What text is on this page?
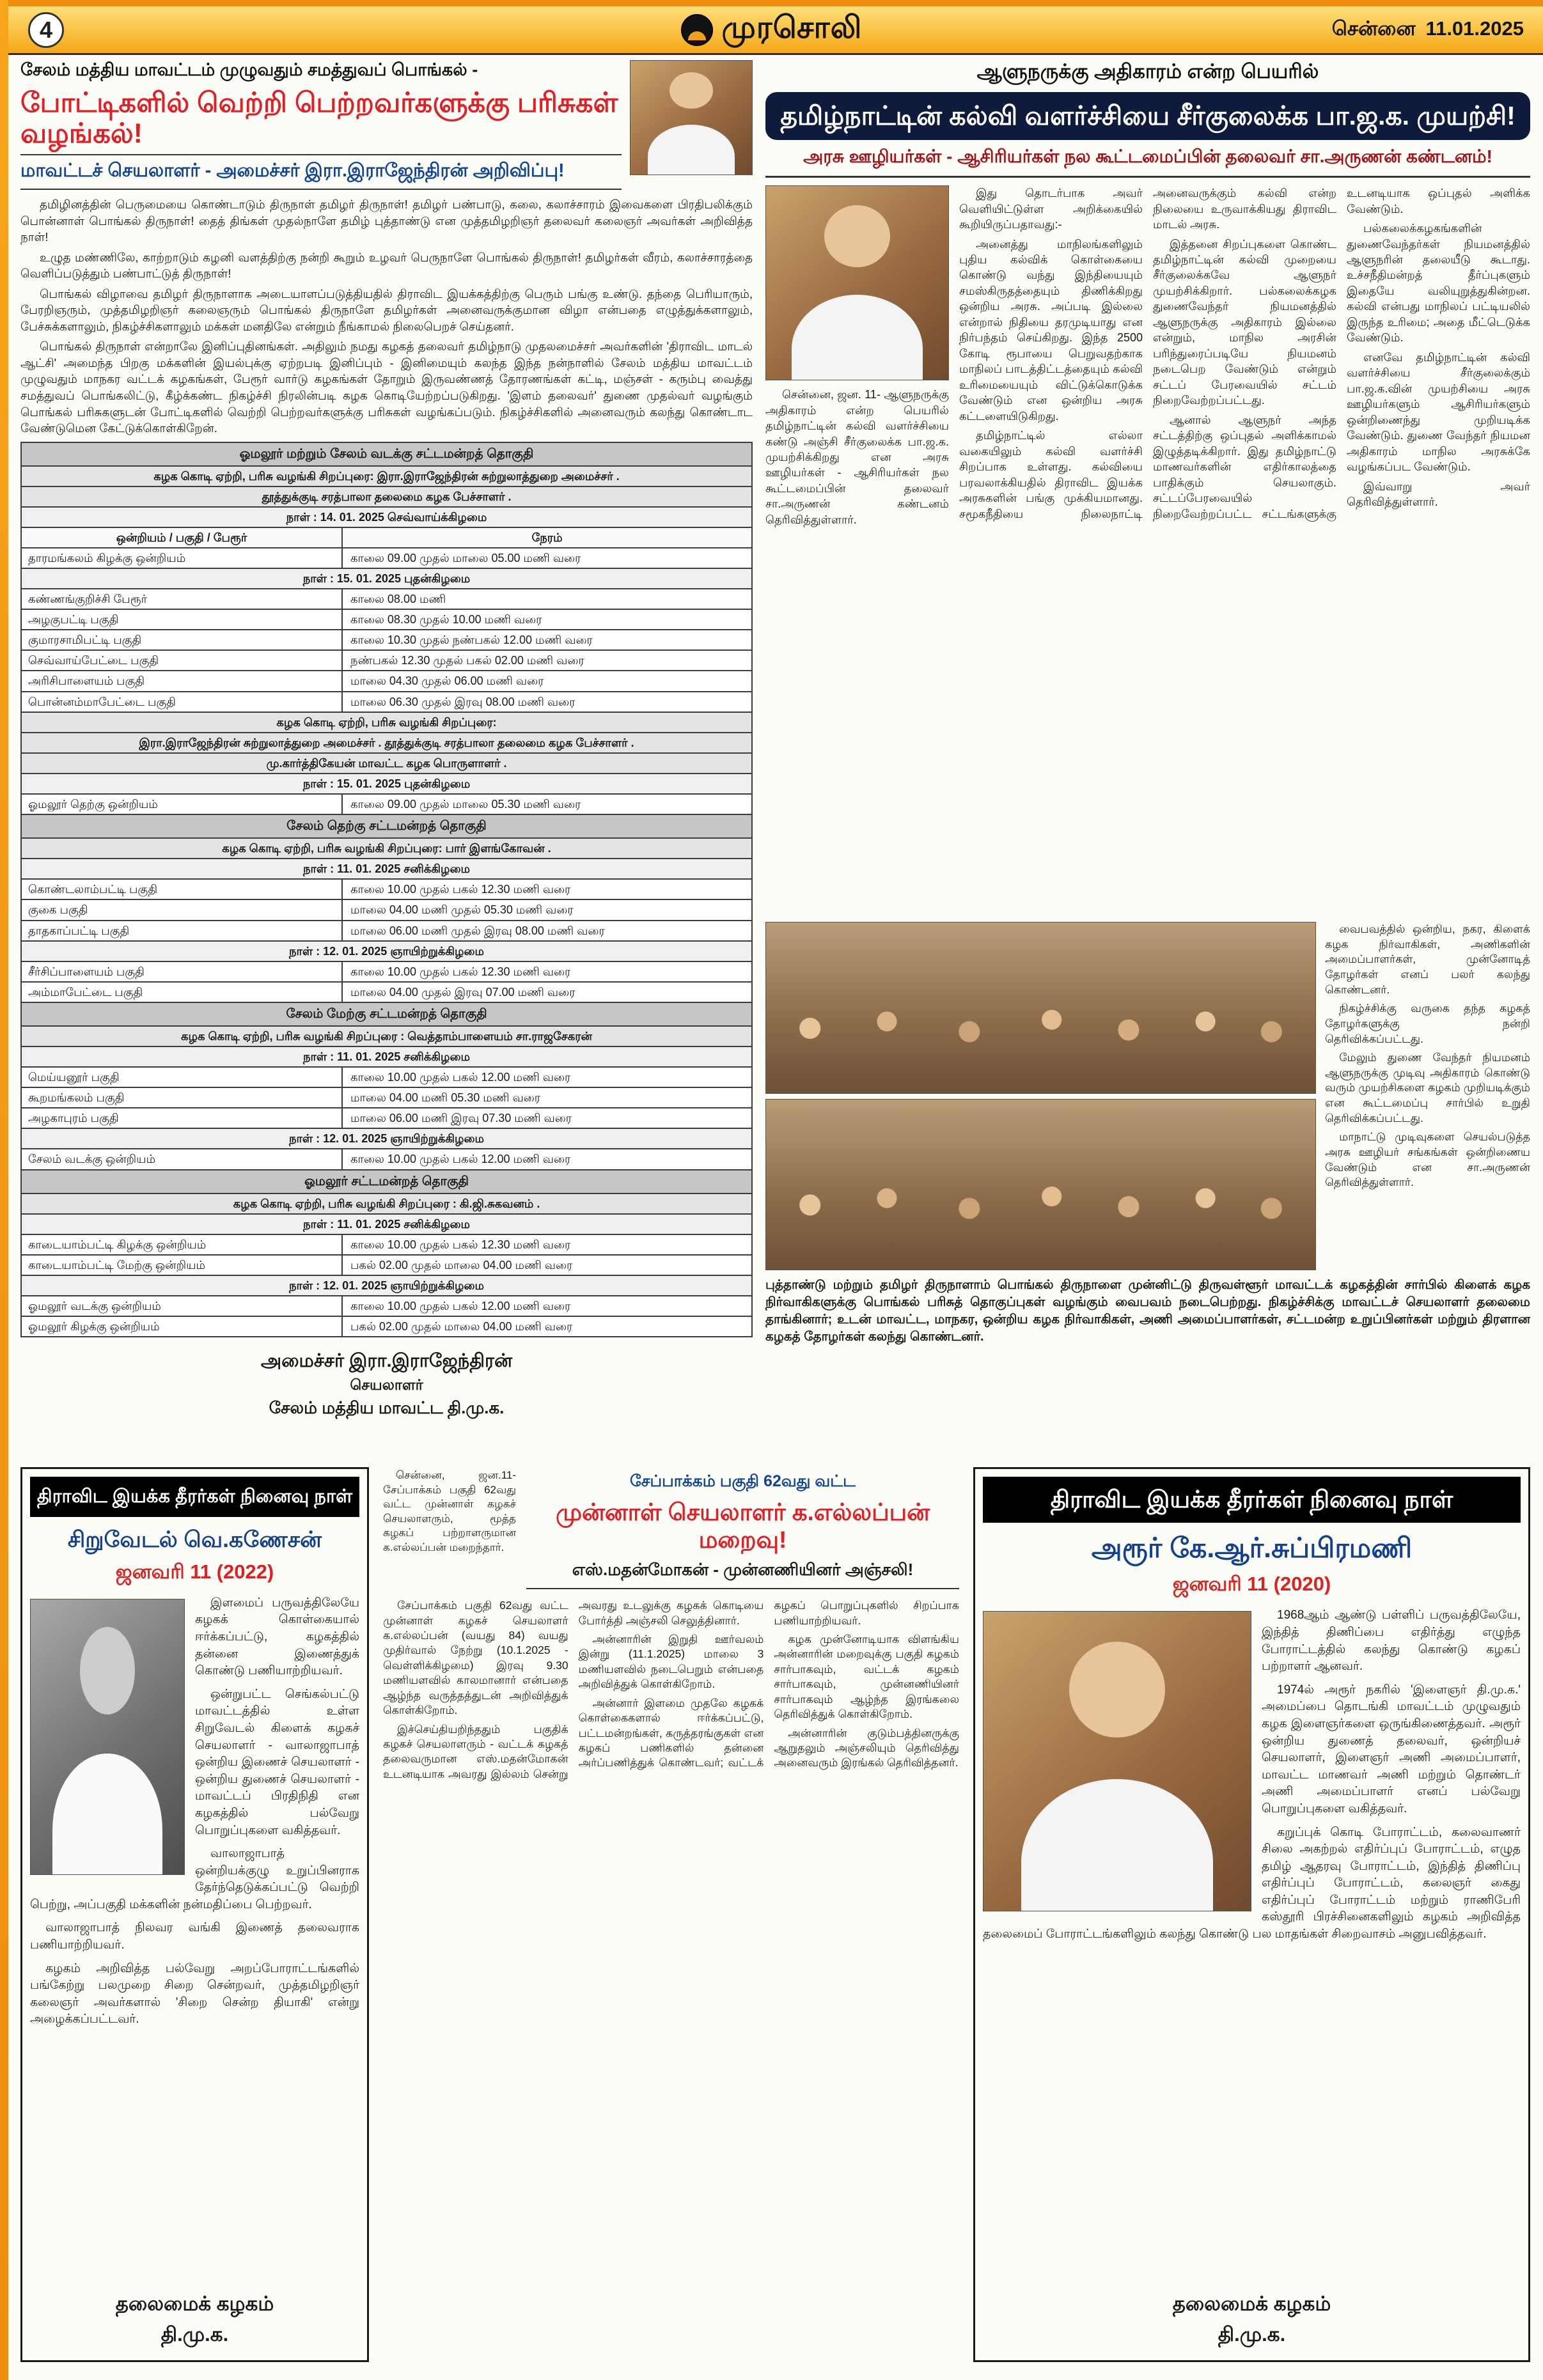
4	முரசொலி	சென்னை 11.01.2025
சேலம் மத்திய மாவட்டம் முழுவதும் சமத்துவப் பொங்கல் -
போட்டிகளில் வெற்றி பெற்றவர்களுக்கு பரிசுகள் வழங்கல்!
மாவட்டச் செயலாளர் - அமைச்சர் இரா.இராஜேந்திரன் அறிவிப்பு!

தமிழினத்தின் பெருமையை கொண்டாடும் திருநாள் தமிழர் திருநாள்! தமிழர் பண்பாடு, கலை, கலாச்சாரம் இவைகளை பிரதிபலிக்கும் பொன்னாள் பொங்கல் திருநாள்! தைத் திங்கள் முதல்நாளே தமிழ் புத்தாண்டு என முத்தமிழறிஞர் தலைவர் கலைஞர் அவர்கள் அறிவித்த நாள்!

உழுத மண்ணிலே, காற்றாடும் கழனி வளத்திற்கு நன்றி கூறும் உழவர் பெருநாளே பொங்கல் திருநாள்! தமிழர்கள் வீரம், கலாச்சாரத்தை வெளிப்படுத்தும் பண்பாட்டுத் திருநாள்!

பொங்கல் விழாவை தமிழர் திருநாளாக அடையாளப்படுத்தியதில் திராவிட இயக்கத்திற்கு பெரும் பங்கு உண்டு. தந்தை பெரியாரும், பேரறிஞரும், முத்தமிழறிஞர் கலைஞரும் பொங்கல் திருநாளே தமிழர்கள் அனைவருக்குமான விழா என்பதை எழுத்துக்களாலும், பேச்சுக்களாலும், நிகழ்ச்சிகளாலும் மக்கள் மனதிலே என்றும் நீங்காமல் நிலைபெறச் செய்தனர்.

பொங்கல் திருநாள் என்றாலே இனிப்புதினங்கள். அதிலும் நமது கழகத் தலைவர் தமிழ்நாடு முதலமைச்சர் அவர்களின் 'திராவிட மாடல் ஆட்சி' அமைந்த பிறகு மக்களின் இயல்புக்கு ஏற்றபடி இனிப்பும் - இனிமையும் கலந்த இந்த நன்நாளில் சேலம் மத்திய மாவட்டம் முழுவதும் மாநகர வட்டக் கழகங்கள், பேரூர் வார்டு கழகங்கள் தோறும் இருவண்ணத் தோரணங்கள் கட்டி, மஞ்சள் - கரும்பு வைத்து சமத்துவப் பொங்கலிட்டு, கீழ்க்கண்ட நிகழ்ச்சி நிரலின்படி கழக கொடியேற்றப்படுகிறது. 'இளம் தலைவர்' துணை முதல்வர் வழங்கும் பொங்கல் பரிசுகளுடன் போட்டிகளில் வெற்றி பெற்றவர்களுக்கு பரிசுகள் வழங்கப்படும். நிகழ்ச்சிகளில் அனைவரும் கலந்து கொண்டாட வேண்டுமென கேட்டுக்கொள்கிறேன்.

ஓமலூர் மற்றும் சேலம் வடக்கு சட்டமன்றத் தொகுதி
கழக கொடி ஏற்றி, பரிசு வழங்கி சிறப்புரை: இரா.இராஜேந்திரன் சுற்றுலாத்துறை அமைச்சர் .
தூத்துக்குடி சரத்பாலா தலைமை கழக பேச்சாளர் .
நாள் : 14. 01. 2025 செவ்வாய்க்கிழமை
ஒன்றியம் / பகுதி / பேரூர்	நேரம்
தாரமங்கலம் கிழக்கு ஒன்றியம்	காலை 09.00 முதல் மாலை 05.00 மணி வரை
நாள் : 15. 01. 2025 புதன்கிழமை
கண்ணங்குறிச்சி பேரூர்	காலை 08.00 மணி
அழகுபட்டி பகுதி	காலை 08.30 முதல் 10.00 மணி வரை
குமாரசாமிபட்டி பகுதி	காலை 10.30 முதல் நண்பகல் 12.00 மணி வரை
செவ்வாய்பேட்டை பகுதி	நண்பகல் 12.30 முதல் பகல் 02.00 மணி வரை
அரிசிபாளையம் பகுதி	மாலை 04.30 முதல் 06.00 மணி வரை
பொன்னம்மாபேட்டை பகுதி	மாலை 06.30 முதல் இரவு 08.00 மணி வரை
கழக கொடி ஏற்றி, பரிசு வழங்கி சிறப்புரை:
இரா.இராஜேந்திரன் சுற்றுலாத்துறை அமைச்சர் . தூத்துக்குடி சரத்பாலா தலைமை கழக பேச்சாளர் .
மு.கார்த்திகேயன் மாவட்ட கழக பொருளாளர் .
நாள் : 15. 01. 2025 புதன்கிழமை
ஓமலூர் தெற்கு ஒன்றியம்	காலை 09.00 முதல் மாலை 05.30 மணி வரை
சேலம் தெற்கு சட்டமன்றத் தொகுதி
கழக கொடி ஏற்றி, பரிசு வழங்கி சிறப்புரை: பார் இளங்கோவன் .
நாள் : 11. 01. 2025 சனிக்கிழமை
கொண்டலாம்பட்டி பகுதி	காலை 10.00 முதல் பகல் 12.30 மணி வரை
குகை பகுதி	மாலை 04.00 மணி முதல் 05.30 மணி வரை
தாதகாப்பட்டி பகுதி	மாலை 06.00 மணி முதல் இரவு 08.00 மணி வரை
நாள் : 12. 01. 2025 ஞாயிற்றுக்கிழமை
சீர்சிப்பாளையம் பகுதி	காலை 10.00 முதல் பகல் 12.30 மணி வரை
அம்மாபேட்டை பகுதி	மாலை 04.00 முதல் இரவு 07.00 மணி வரை
சேலம் மேற்கு சட்டமன்றத் தொகுதி
கழக கொடி ஏற்றி, பரிசு வழங்கி சிறப்புரை : வெத்தாம்பாளையம் சா.ராஜசேகரன்
நாள் : 11. 01. 2025 சனிக்கிழமை
மெய்யனூர் பகுதி	காலை 10.00 முதல் பகல் 12.00 மணி வரை
கூறமங்கலம் பகுதி	மாலை 04.00 மணி 05.30 மணி வரை
அழகாபுரம் பகுதி	மாலை 06.00 மணி இரவு 07.30 மணி வரை
நாள் : 12. 01. 2025 ஞாயிற்றுக்கிழமை
சேலம் வடக்கு ஒன்றியம்	காலை 10.00 முதல் பகல் 12.00 மணி வரை
ஓமலூர் சட்டமன்றத் தொகுதி
கழக கொடி ஏற்றி, பரிசு வழங்கி சிறப்புரை : கி.ஜி.சுகவனம் .
நாள் : 11. 01. 2025 சனிக்கிழமை
காடையாம்பட்டி கிழக்கு ஒன்றியம்	காலை 10.00 முதல் பகல் 12.30 மணி வரை
காடையாம்பட்டி மேற்கு ஒன்றியம்	பகல் 02.00 முதல் மாலை 04.00 மணி வரை
நாள் : 12. 01. 2025 ஞாயிற்றுக்கிழமை
ஓமலூர் வடக்கு ஒன்றியம்	காலை 10.00 முதல் பகல் 12.00 மணி வரை
ஓமலூர் கிழக்கு ஒன்றியம்	பகல் 02.00 முதல் மாலை 04.00 மணி வரை
அமைச்சர் இரா.இராஜேந்திரன்
செயலாளர்
சேலம் மத்திய மாவட்ட தி.மு.க.
ஆளுநருக்கு அதிகாரம் என்ற பெயரில்
தமிழ்நாட்டின் கல்வி வளர்ச்சியை சீர்குலைக்க பா.ஜ.க. முயற்சி!
அரசு ஊழியர்கள் - ஆசிரியர்கள் நல கூட்டமைப்பின் தலைவர் சா.அருணன் கண்டனம்!

சென்னை, ஜன. 11- ஆளுநருக்கு அதிகாரம் என்ற பெயரில் தமிழ்நாட்டின் கல்வி வளர்ச்சியை கண்டு அஞ்சி சீர்குலைக்க பா.ஜ.க. முயற்சிக்கிறது என அரசு ஊழியர்கள் - ஆசிரியர்கள் நல கூட்டமைப்பின் தலைவர் சா.அருணன் கண்டனம் தெரிவித்துள்ளார்.

இது தொடர்பாக அவர் வெளியிட்டுள்ள அறிக்கையில் கூறியிருப்பதாவது:-

அனைத்து மாநிலங்களிலும் புதிய கல்விக் கொள்கையை கொண்டு வந்து இந்தியையும் சமஸ்கிருதத்தையும் திணிக்கிறது ஒன்றிய அரசு. அப்படி இல்லை என்றால் நிதியை தரமுடியாது என நிர்பந்தம் செய்கிறது. இந்த 2500 கோடி ரூபாயை பெறுவதற்காக மாநிலப் பாடத்திட்டத்தையும் கல்வி உரிமையையும் விட்டுக்கொடுக்க வேண்டும் என ஒன்றிய அரசு கட்டளையிடுகிறது.

தமிழ்நாட்டில் எல்லா வகையிலும் கல்வி வளர்ச்சி சிறப்பாக உள்ளது. கல்வியை பரவலாக்கியதில் திராவிட இயக்க அரசுகளின் பங்கு முக்கியமானது. சமூகநீதியை நிலைநாட்டி அனைவருக்கும் கல்வி என்ற நிலையை உருவாக்கியது திராவிட மாடல் அரசு.

இத்தனை சிறப்புகளை கொண்ட தமிழ்நாட்டின் கல்வி முறையை சீர்குலைக்கவே ஆளுநர் முயற்சிக்கிறார். பல்கலைக்கழக துணைவேந்தர் நியமனத்தில் ஆளுநருக்கு அதிகாரம் இல்லை என்றும், மாநில அரசின் பரிந்துரைப்படியே நியமனம் நடைபெற வேண்டும் என்றும் சட்டப் பேரவையில் சட்டம் நிறைவேற்றப்பட்டது.

ஆனால் ஆளுநர் அந்த சட்டத்திற்கு ஒப்புதல் அளிக்காமல் இழுத்தடிக்கிறார். இது தமிழ்நாட்டு மாணவர்களின் எதிர்காலத்தை பாதிக்கும் செயலாகும். சட்டப்பேரவையில் நிறைவேற்றப்பட்ட சட்டங்களுக்கு உடனடியாக ஒப்புதல் அளிக்க வேண்டும்.

பல்கலைக்கழகங்களின் துணைவேந்தர்கள் நியமனத்தில் ஆளுநரின் தலையீடு கூடாது. உச்சநீதிமன்றத் தீர்ப்புகளும் இதையே வலியுறுத்துகின்றன. கல்வி என்பது மாநிலப் பட்டியலில் இருந்த உரிமை; அதை மீட்டெடுக்க வேண்டும்.

எனவே தமிழ்நாட்டின் கல்வி வளர்ச்சியை சீர்குலைக்கும் பா.ஜ.க.வின் முயற்சியை அரசு ஊழியர்களும் ஆசிரியர்களும் ஒன்றிணைந்து முறியடிக்க வேண்டும். துணை வேந்தர் நியமன அதிகாரம் மாநில அரசுக்கே வழங்கப்பட வேண்டும்.

இவ்வாறு அவர் தெரிவித்துள்ளார்.

வைபவத்தில் ஒன்றிய, நகர, கிளைக் கழக நிர்வாகிகள், அணிகளின் அமைப்பாளர்கள், முன்னோடித் தோழர்கள் எனப் பலர் கலந்து கொண்டனர்.

நிகழ்ச்சிக்கு வருகை தந்த கழகத் தோழர்களுக்கு நன்றி தெரிவிக்கப்பட்டது.

மேலும் துணை வேந்தர் நியமனம் ஆளுநருக்கு முடிவு அதிகாரம் கொண்டு வரும் முயற்சிகளை கழகம் முறியடிக்கும் என கூட்டமைப்பு சார்பில் உறுதி தெரிவிக்கப்பட்டது.

மாநாட்டு முடிவுகளை செயல்படுத்த அரசு ஊழியர் சங்கங்கள் ஒன்றிணைய வேண்டும் என சா.அருணன் தெரிவித்துள்ளார்.

புத்தாண்டு மற்றும் தமிழர் திருநாளாம் பொங்கல் திருநாளை முன்னிட்டு திருவள்ளூர் மாவட்டக் கழகத்தின் சார்பில் கிளைக் கழக நிர்வாகிகளுக்கு பொங்கல் பரிசுத் தொகுப்புகள் வழங்கும் வைபவம் நடைபெற்றது. நிகழ்ச்சிக்கு மாவட்டச் செயலாளர் தலைமை தாங்கினார்; உடன் மாவட்ட, மாநகர, ஒன்றிய கழக நிர்வாகிகள், அணி அமைப்பாளர்கள், சட்டமன்ற உறுப்பினர்கள் மற்றும் திரளான கழகத் தோழர்கள் கலந்து கொண்டனர்.

திராவிட இயக்க தீரர்கள் நினைவு நாள்
சிறுவேடல் வெ.கணேசன்
ஜனவரி 11 (2022)

இளமைப் பருவத்திலேயே கழகக் கொள்கையால் ஈர்க்கப்பட்டு, கழகத்தில் தன்னை இணைத்துக் கொண்டு பணியாற்றியவர்.

ஒன்றுபட்ட செங்கல்பட்டு மாவட்டத்தில் உள்ள சிறுவேடல் கிளைக் கழகச் செயலாளர் - வாலாஜாபாத் ஒன்றிய இணைச் செயலாளர் - ஒன்றிய துணைச் செயலாளர் - மாவட்டப் பிரதிநிதி என கழகத்தில் பல்வேறு பொறுப்புகளை வகித்தவர்.

வாலாஜாபாத் ஒன்றியக்குழு உறுப்பினராக தேர்ந்தெடுக்கப்பட்டு வெற்றி பெற்று, அப்பகுதி மக்களின் நன்மதிப்பை பெற்றவர்.

வாலாஜாபாத் நிலவர வங்கி இணைத் தலைவராக பணியாற்றியவர்.

கழகம் அறிவித்த பல்வேறு அறப்போராட்டங்களில் பங்கேற்று பலமுறை சிறை சென்றவர், முத்தமிழறிஞர் கலைஞர் அவர்களால் 'சிறை சென்ற தியாகி' என்று அழைக்கப்பட்டவர்.

தலைமைக் கழகம்
தி.மு.க.

சென்னை, ஜன.11- சேப்பாக்கம் பகுதி 62வது வட்ட முன்னாள் கழகச் செயலாளரும், மூத்த கழகப் பற்றாளருமான க.எல்லப்பன் மறைந்தார்.

சேப்பாக்கம் பகுதி 62வது வட்ட
முன்னாள் செயலாளர் க.எல்லப்பன் மறைவு!
எஸ்.மதன்மோகன் - முன்னணியினர் அஞ்சலி!

சேப்பாக்கம் பகுதி 62வது வட்ட முன்னாள் கழகச் செயலாளர் க.எல்லப்பன் (வயது 84) வயது முதிர்வால் நேற்று (10.1.2025 - வெள்ளிக்கிழமை) இரவு 9.30 மணியளவில் காலமானார் என்பதை ஆழ்ந்த வருத்தத்துடன் அறிவித்துக் கொள்கிறோம்.

இச்செய்தியறிந்ததும் பகுதிக் கழகச் செயலாளரும் - வட்டக் கழகத் தலைவருமான எஸ்.மதன்மோகன் உடனடியாக அவரது இல்லம் சென்று அவரது உடலுக்கு கழகக் கொடியை போர்த்தி அஞ்சலி செலுத்தினார்.

அன்னாரின் இறுதி ஊர்வலம் இன்று (11.1.2025) மாலை 3 மணியளவில் நடைபெறும் என்பதை அறிவித்துக் கொள்கிறோம்.

அன்னார் இளமை முதலே கழகக் கொள்கைகளால் ஈர்க்கப்பட்டு, பட்டமன்றங்கள், கருத்தரங்குகள் என கழகப் பணிகளில் தன்னை அர்ப்பணித்துக் கொண்டவர்; வட்டக் கழகப் பொறுப்புகளில் சிறப்பாக பணியாற்றியவர்.

கழக முன்னோடியாக விளங்கிய அன்னாரின் மறைவுக்கு பகுதி கழகம் சார்பாகவும், வட்டக் கழகம் சார்பாகவும், முன்னணியினர் சார்பாகவும் ஆழ்ந்த இரங்கலை தெரிவித்துக் கொள்கிறோம்.

அன்னாரின் குடும்பத்தினருக்கு ஆறுதலும் அஞ்சலியும் தெரிவித்து அனைவரும் இரங்கல் தெரிவித்தனர்.

திராவிட இயக்க தீரர்கள் நினைவு நாள்
அரூர் கே.ஆர்.சுப்பிரமணி
ஜனவரி 11 (2020)

1968ஆம் ஆண்டு பள்ளிப் பருவத்திலேயே, இந்தித் திணிப்பை எதிர்த்து எழுந்த போராட்டத்தில் கலந்து கொண்டு கழகப் பற்றாளர் ஆனவர்.

1974ல் அரூர் நகரில் 'இளைஞர் தி.மு.க.' அமைப்பை தொடங்கி மாவட்டம் முழுவதும் கழக இளைஞர்களை ஒருங்கிணைத்தவர். அரூர் ஒன்றிய துணைத் தலைவர், ஒன்றியச் செயலாளர், இளைஞர் அணி அமைப்பாளர், மாவட்ட மாணவர் அணி மற்றும் தொண்டர் அணி அமைப்பாளர் எனப் பல்வேறு பொறுப்புகளை வகித்தவர்.

கறுப்புக் கொடி போராட்டம், கலைவாணர் சிலை அகற்றல் எதிர்ப்புப் போராட்டம், எழுத தமிழ் ஆதரவு போராட்டம், இந்தித் திணிப்பு எதிர்ப்புப் போராட்டம், கலைஞர் கைது எதிர்ப்புப் போராட்டம் மற்றும் ராணிபேரி கஸ்தூரி பிரச்சினைகளிலும் கழகம் அறிவித்த தலைமைப் போராட்டங்களிலும் கலந்து கொண்டு பல மாதங்கள் சிறைவாசம் அனுபவித்தவர்.

தலைமைக் கழகம்
தி.மு.க.
